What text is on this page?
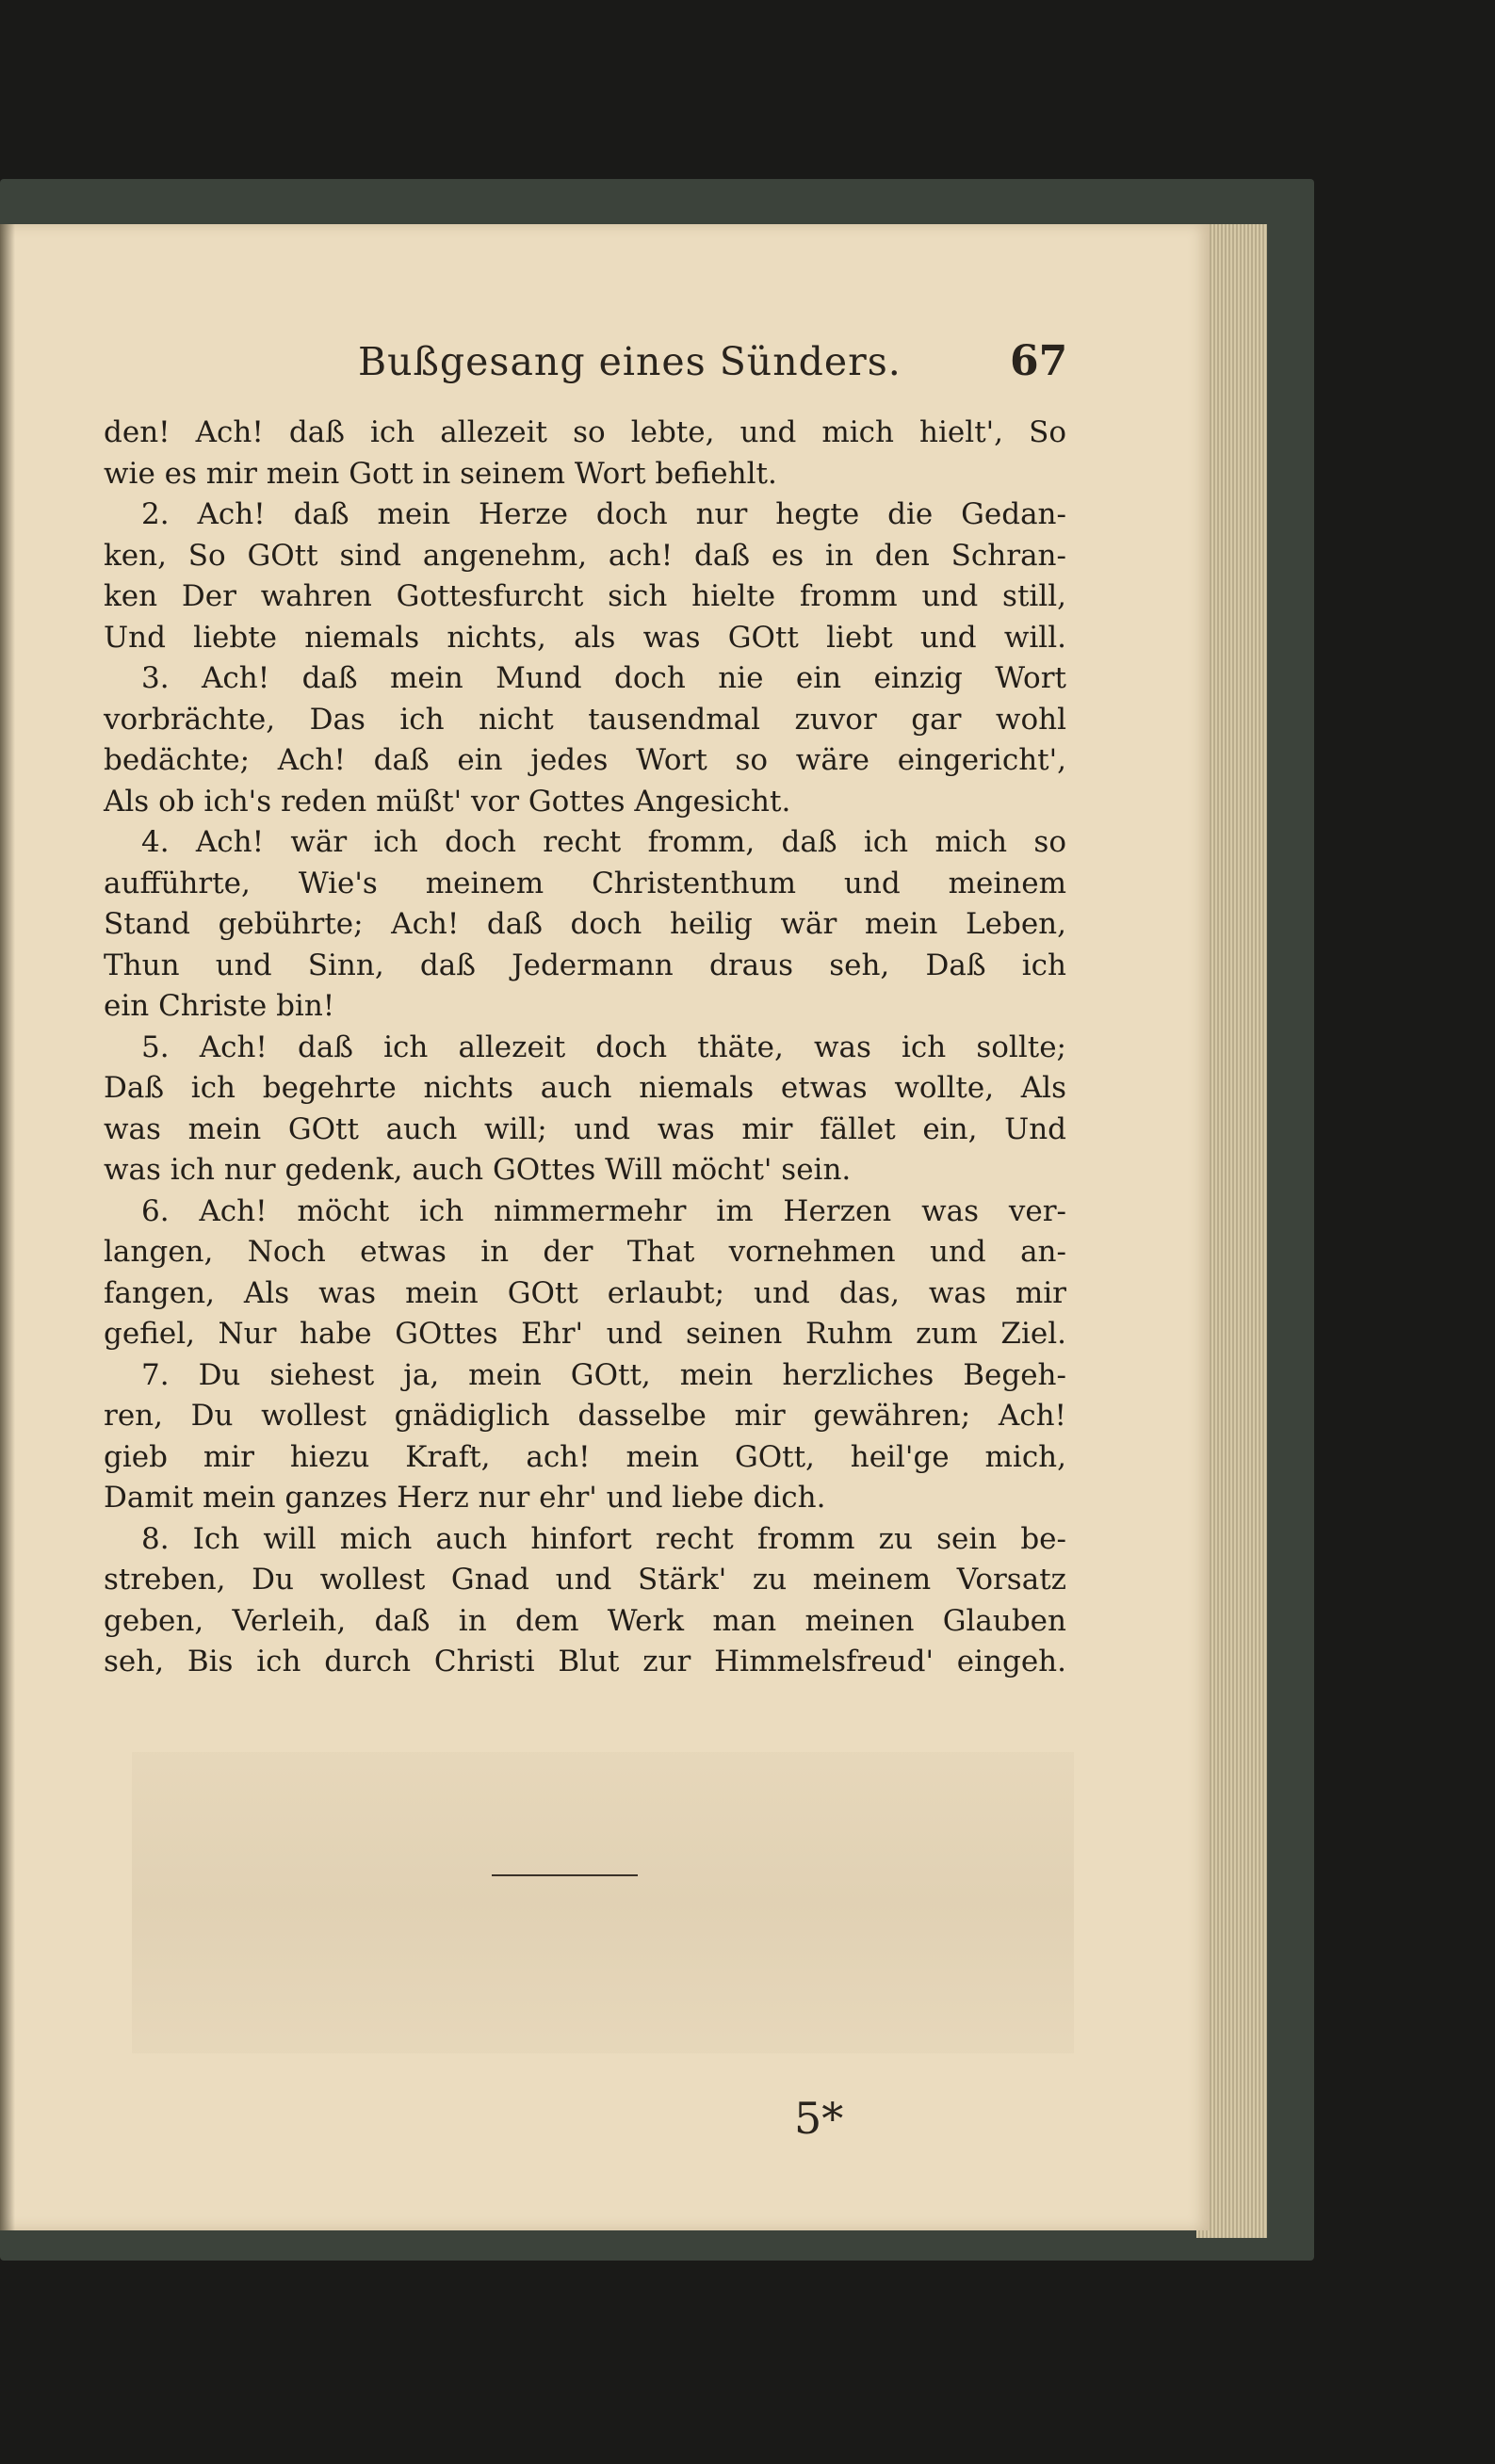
Bußgesang eines Sünders.	67
den! Ach! daß ich allezeit so lebte, und mich hielt', So
wie es mir mein Gott in seinem Wort befiehlt.
2. Ach! daß mein Herze doch nur hegte die Gedan-
ken, So GOtt sind angenehm, ach! daß es in den Schran-
ken Der wahren Gottesfurcht sich hielte fromm und still,
Und liebte niemals nichts, als was GOtt liebt und will.
3. Ach! daß mein Mund doch nie ein einzig Wort
vorbrächte, Das ich nicht tausendmal zuvor gar wohl
bedächte; Ach! daß ein jedes Wort so wäre eingericht',
Als ob ich's reden müßt' vor Gottes Angesicht.
4. Ach! wär ich doch recht fromm, daß ich mich so
aufführte, Wie's meinem Christenthum und meinem
Stand gebührte; Ach! daß doch heilig wär mein Leben,
Thun und Sinn, daß Jedermann draus seh, Daß ich
ein Christe bin!
5. Ach! daß ich allezeit doch thäte, was ich sollte;
Daß ich begehrte nichts auch niemals etwas wollte, Als
was mein GOtt auch will; und was mir fället ein, Und
was ich nur gedenk, auch GOttes Will möcht' sein.
6. Ach! möcht ich nimmermehr im Herzen was ver-
langen, Noch etwas in der That vornehmen und an-
fangen, Als was mein GOtt erlaubt; und das, was mir
gefiel, Nur habe GOttes Ehr' und seinen Ruhm zum Ziel.
7. Du siehest ja, mein GOtt, mein herzliches Begeh-
ren, Du wollest gnädiglich dasselbe mir gewähren; Ach!
gieb mir hiezu Kraft, ach! mein GOtt, heil'ge mich,
Damit mein ganzes Herz nur ehr' und liebe dich.
8. Ich will mich auch hinfort recht fromm zu sein be-
streben, Du wollest Gnad und Stärk' zu meinem Vorsatz
geben, Verleih, daß in dem Werk man meinen Glauben
seh, Bis ich durch Christi Blut zur Himmelsfreud' eingeh.
5*
